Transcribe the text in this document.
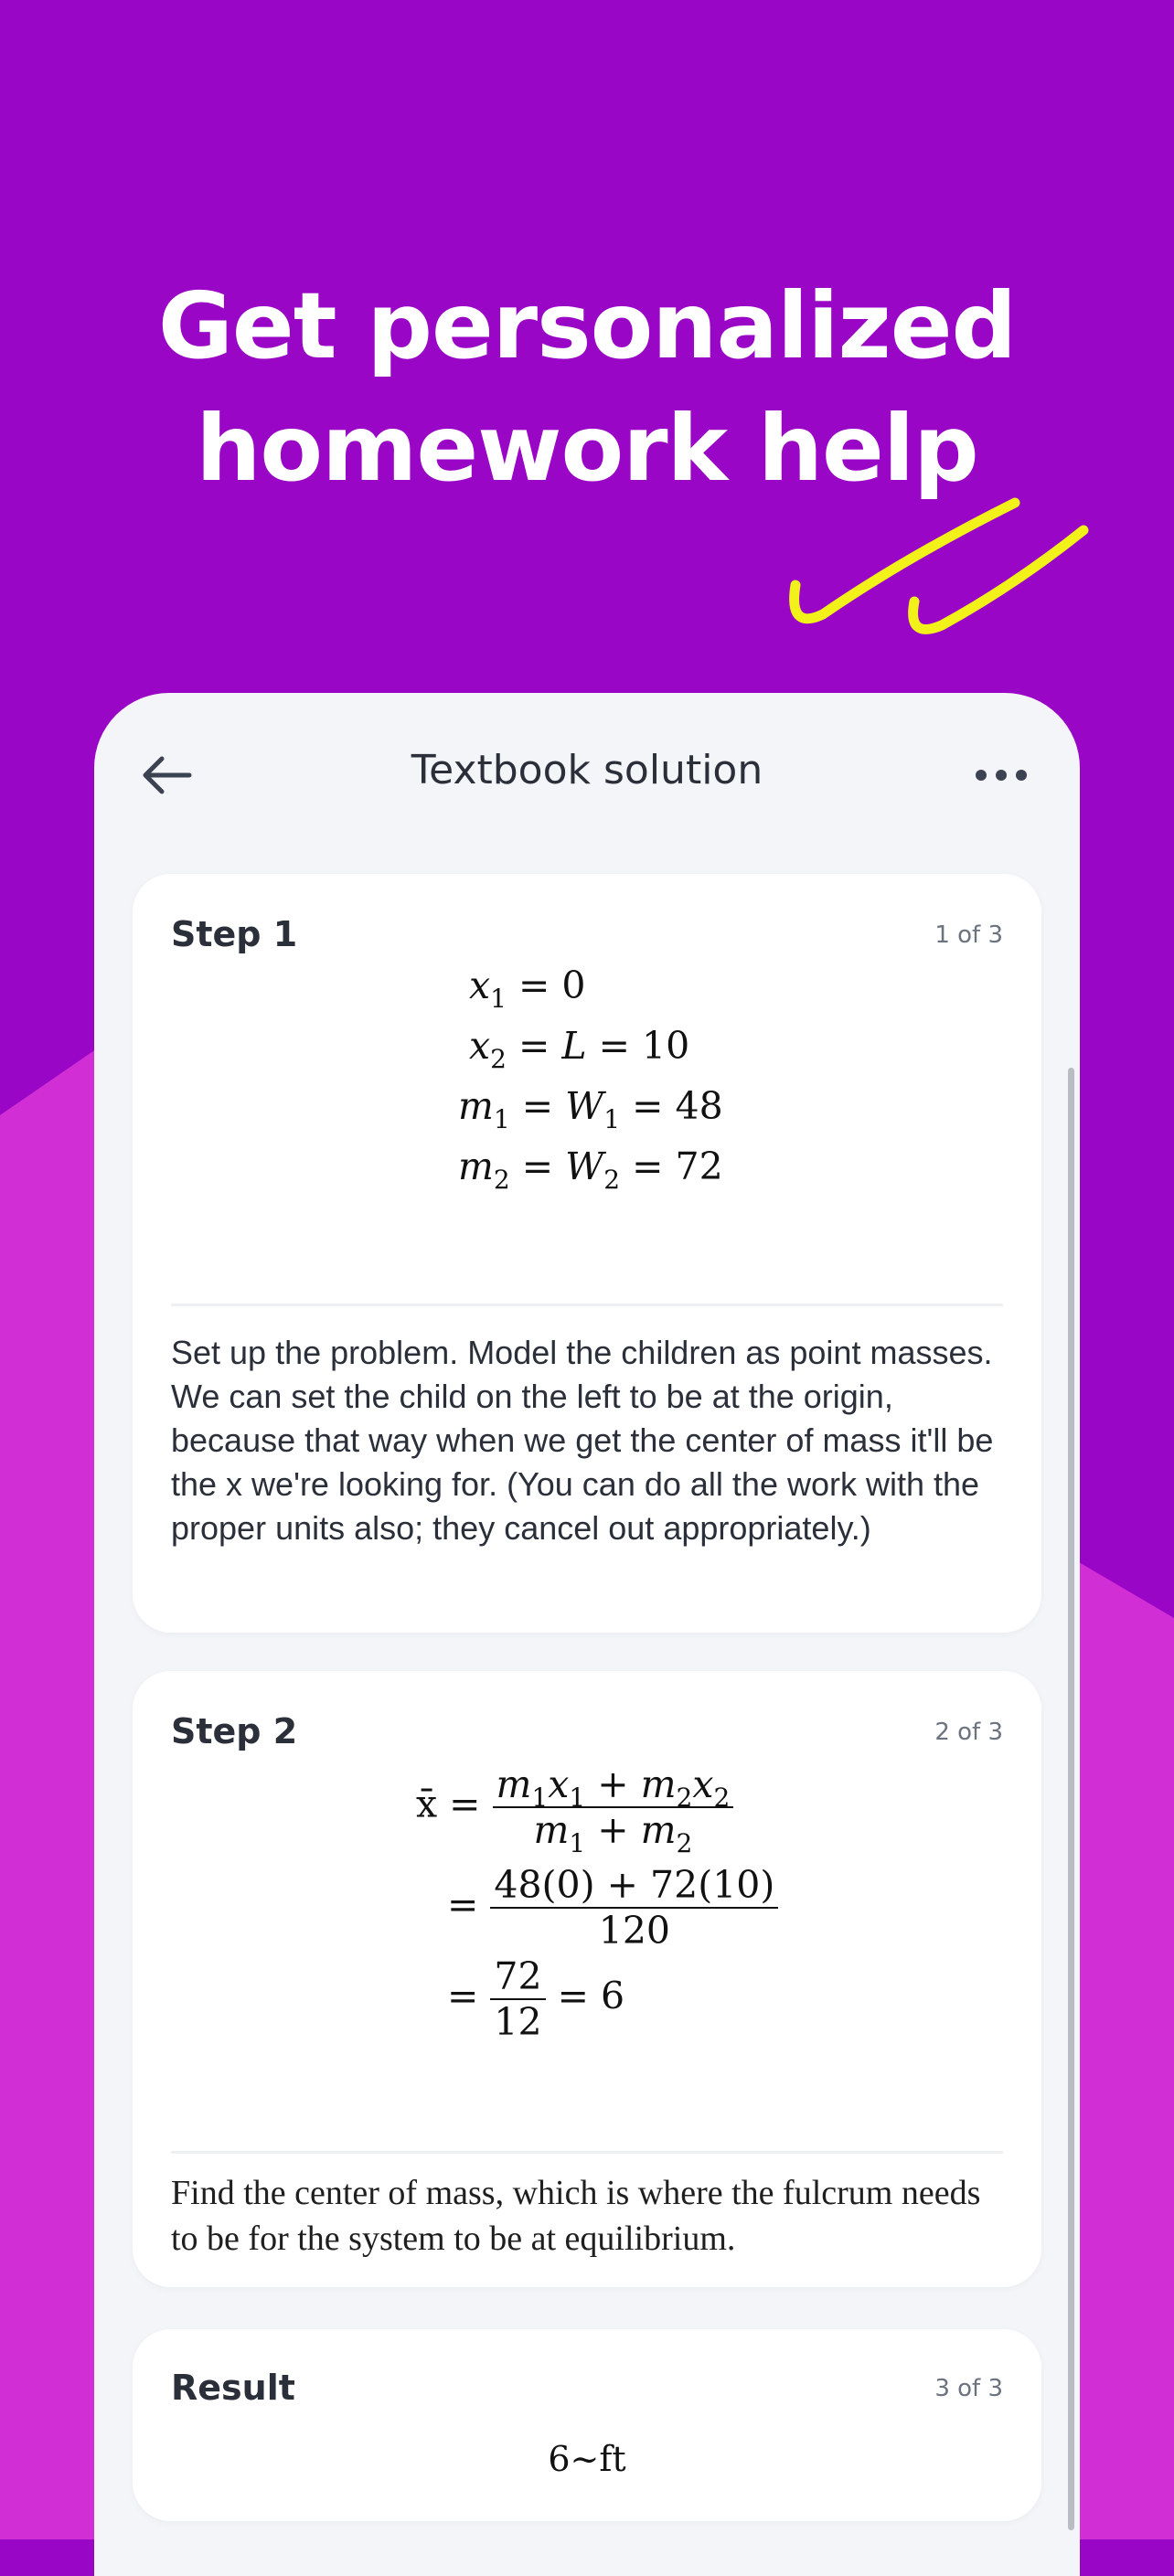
Get personalized
homework help
Textbook solution
Step 1	1 of 3
$x_1 = 0$
$x_2 = L = 10$
$m_1 = W_1 = 48$
$m_2 = W_2 = 72$
Set up the problem. Model the children as point masses. We can set the child on the left to be at the origin, because that way when we get the center of mass it'll be the x we're looking for. (You can do all the work with the proper units also; they cancel out appropriately.)
Step 2	2 of 3
x̄ = $\frac{m_1x_1 + m_2x_2}{m_1 + m_2}$
= $\frac{48(0) + 72(10)}{120}$
= $\frac{72}{12} = 6$
Find the center of mass, which is where the fulcrum needs to be for the system to be at equilibrium.
Result	3 of 3
6~ft
